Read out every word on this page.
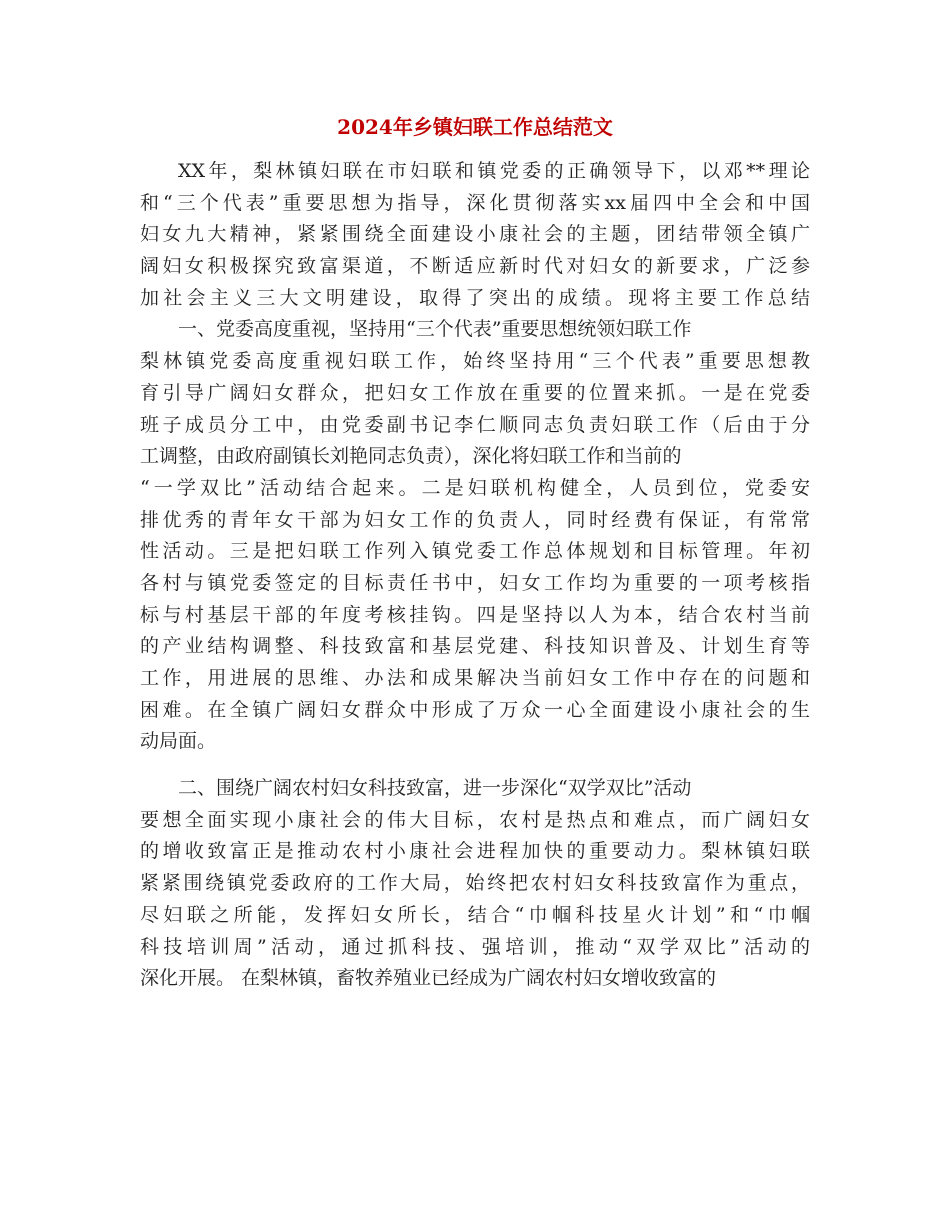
2024年乡镇妇联工作总结范文

XX年，梨林镇妇联在市妇联和镇党委的正确领导下，以邓**理论

和“三个代表”重要思想为指导，深化贯彻落实xx届四中全会和中国

妇女九大精神，紧紧围绕全面建设小康社会的主题，团结带领全镇广

阔妇女积极探究致富渠道，不断适应新时代对妇女的新要求，广泛参

加社会主义三大文明建设，取得了突出的成绩。现将主要工作总结

一、党委高度重视，坚持用“三个代表”重要思想统领妇联工作

梨林镇党委高度重视妇联工作，始终坚持用“三个代表”重要思想教

育引导广阔妇女群众，把妇女工作放在重要的位置来抓。一是在党委

班子成员分工中，由党委副书记李仁顺同志负责妇联工作（后由于分

工调整，由政府副镇长刘艳同志负责），深化将妇联工作和当前的

“一学双比”活动结合起来。二是妇联机构健全，人员到位，党委安

排优秀的青年女干部为妇女工作的负责人，同时经费有保证，有常常

性活动。三是把妇联工作列入镇党委工作总体规划和目标管理。年初

各村与镇党委签定的目标责任书中，妇女工作均为重要的一项考核指

标与村基层干部的年度考核挂钩。四是坚持以人为本，结合农村当前

的产业结构调整、科技致富和基层党建、科技知识普及、计划生育等

工作，用进展的思维、办法和成果解决当前妇女工作中存在的问题和

困难。在全镇广阔妇女群众中形成了万众一心全面建设小康社会的生

动局面。

二、围绕广阔农村妇女科技致富，进一步深化“双学双比”活动

要想全面实现小康社会的伟大目标，农村是热点和难点，而广阔妇女

的增收致富正是推动农村小康社会进程加快的重要动力。梨林镇妇联

紧紧围绕镇党委政府的工作大局，始终把农村妇女科技致富作为重点，

尽妇联之所能，发挥妇女所长，结合“巾帼科技星火计划”和“巾帼

科技培训周”活动，通过抓科技、强培训，推动“双学双比”活动的

深化开展。 在梨林镇，畜牧养殖业已经成为广阔农村妇女增收致富的
